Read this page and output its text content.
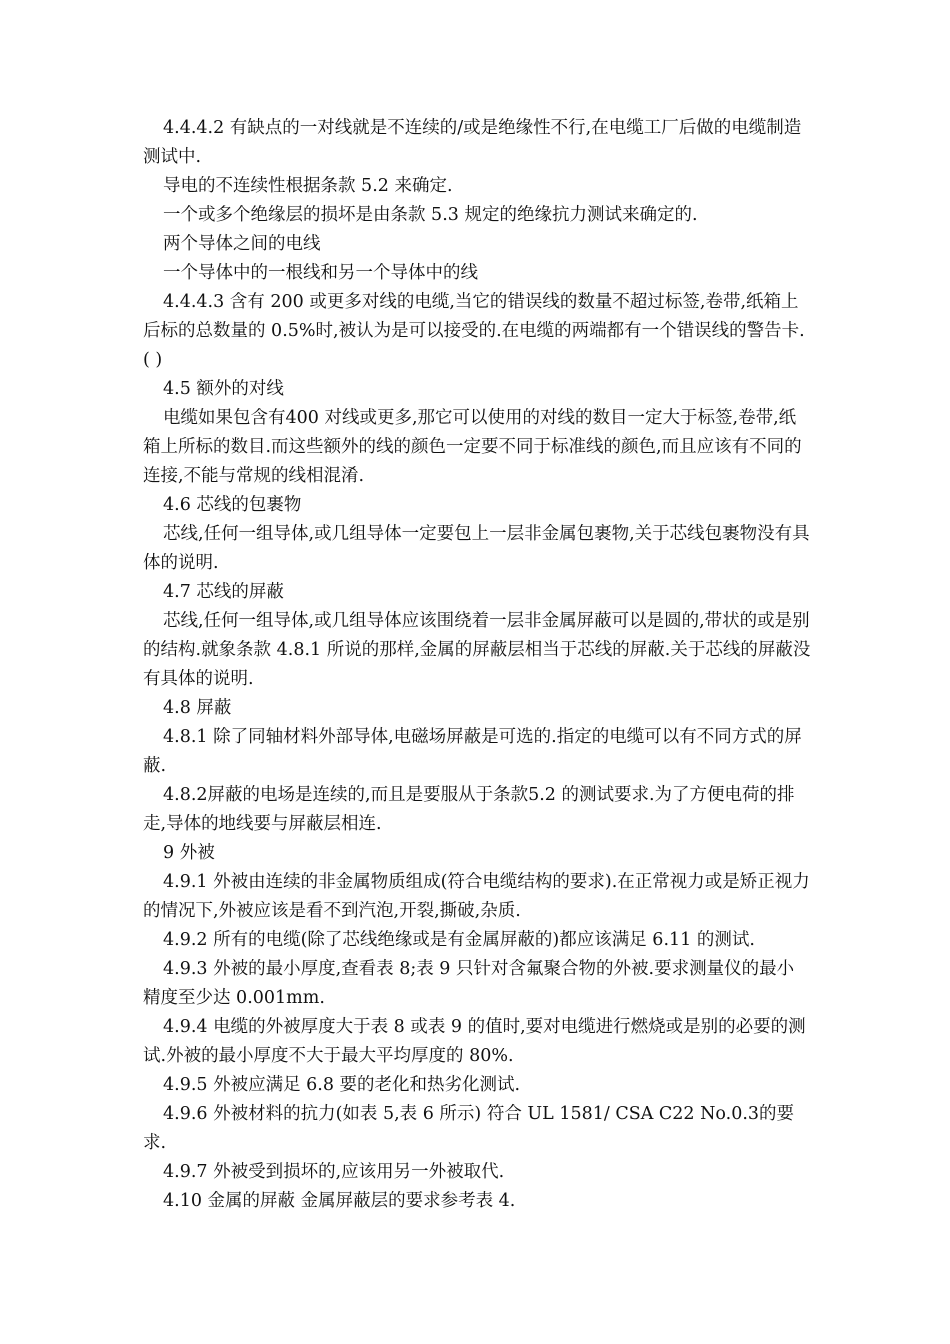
4.4.4.2 有缺点的一对线就是不连续的/或是绝缘性不行,在电缆工厂后做的电缆制造测试中.

导电的不连续性根据条款 5.2 来确定.

一个或多个绝缘层的损坏是由条款 5.3 规定的绝缘抗力测试来确定的.

两个导体之间的电线

一个导体中的一根线和另一个导体中的线

4.4.4.3 含有 200 或更多对线的电缆,当它的错误线的数量不超过标签,卷带,纸箱上后标的总数量的 0.5%时,被认为是可以接受的.在电缆的两端都有一个错误线的警告卡.( )

4.5 额外的对线

电缆如果包含有400 对线或更多,那它可以使用的对线的数目一定大于标签,卷带,纸箱上所标的数目.而这些额外的线的颜色一定要不同于标准线的颜色,而且应该有不同的连接,不能与常规的线相混淆.

4.6 芯线的包裹物

芯线,任何一组导体,或几组导体一定要包上一层非金属包裹物,关于芯线包裹物没有具体的说明.

4.7 芯线的屏蔽

芯线,任何一组导体,或几组导体应该围绕着一层非金属屏蔽可以是圆的,带状的或是别的结构.就象条款 4.8.1 所说的那样,金属的屏蔽层相当于芯线的屏蔽.关于芯线的屏蔽没有具体的说明.

4.8 屏蔽

4.8.1 除了同轴材料外部导体,电磁场屏蔽是可选的.指定的电缆可以有不同方式的屏蔽.

4.8.2屏蔽的电场是连续的,而且是要服从于条款5.2 的测试要求.为了方便电荷的排走,导体的地线要与屏蔽层相连.

9 外被

4.9.1 外被由连续的非金属物质组成(符合电缆结构的要求).在正常视力或是矫正视力的情况下,外被应该是看不到汽泡,开裂,撕破,杂质.

4.9.2 所有的电缆(除了芯线绝缘或是有金属屏蔽的)都应该满足 6.11 的测试.

4.9.3 外被的最小厚度,查看表 8;表 9 只针对含氟聚合物的外被.要求测量仪的最小精度至少达 0.001mm.

4.9.4 电缆的外被厚度大于表 8 或表 9 的值时,要对电缆进行燃烧或是别的必要的测试.外被的最小厚度不大于最大平均厚度的 80%.

4.9.5 外被应满足 6.8 要的老化和热劣化测试.

4.9.6 外被材料的抗力(如表 5,表 6 所示) 符合 UL 1581/ CSA C22 No.0.3的要求.

4.9.7 外被受到损坏的,应该用另一外被取代.

4.10 金属的屏蔽 金属屏蔽层的要求参考表 4.
